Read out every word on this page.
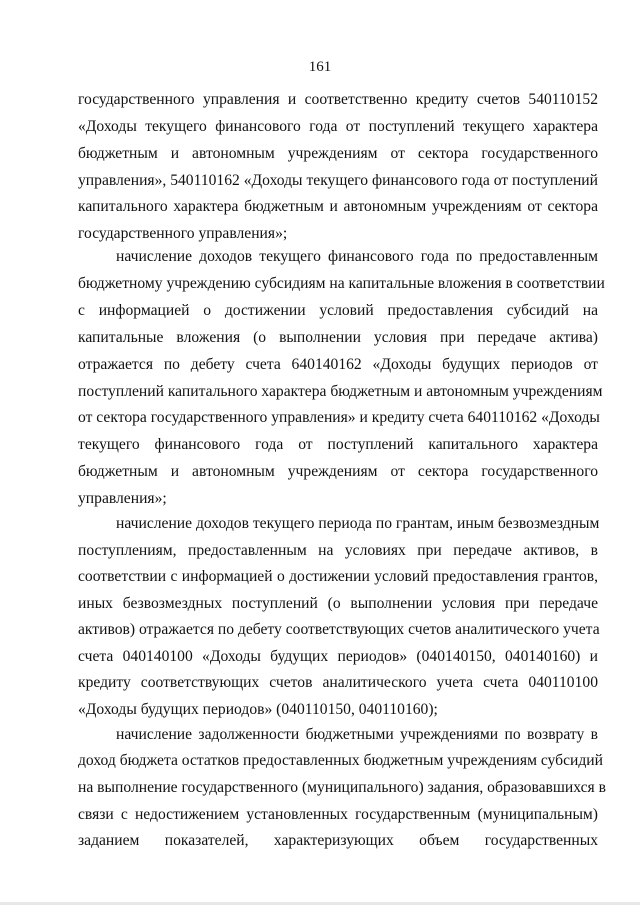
161
государственного управления и соответственно кредиту счетов 540110152
«Доходы текущего финансового года от поступлений текущего характера
бюджетным и автономным учреждениям от сектора государственного
управления», 540110162 «Доходы текущего финансового года от поступлений
капитального характера бюджетным и автономным учреждениям от сектора
государственного управления»;
начисление доходов текущего финансового года по предоставленным
бюджетному учреждению субсидиям на капитальные вложения в соответствии
с информацией о достижении условий предоставления субсидий на
капитальные вложения (о выполнении условия при передаче актива)
отражается по дебету счета 640140162 «Доходы будущих периодов от
поступлений капитального характера бюджетным и автономным учреждениям
от сектора государственного управления» и кредиту счета 640110162 «Доходы
текущего финансового года от поступлений капитального характера
бюджетным и автономным учреждениям от сектора государственного
управления»;
начисление доходов текущего периода по грантам, иным безвозмездным
поступлениям, предоставленным на условиях при передаче активов, в
соответствии с информацией о достижении условий предоставления грантов,
иных безвозмездных поступлений (о выполнении условия при передаче
активов) отражается по дебету соответствующих счетов аналитического учета
счета 040140100 «Доходы будущих периодов» (040140150, 040140160) и
кредиту соответствующих счетов аналитического учета счета 040110100
«Доходы будущих периодов» (040110150, 040110160);
начисление задолженности бюджетными учреждениями по возврату в
доход бюджета остатков предоставленных бюджетным учреждениям субсидий
на выполнение государственного (муниципального) задания, образовавшихся в
связи с недостижением установленных государственным (муниципальным)
заданием показателей, характеризующих объем государственных
